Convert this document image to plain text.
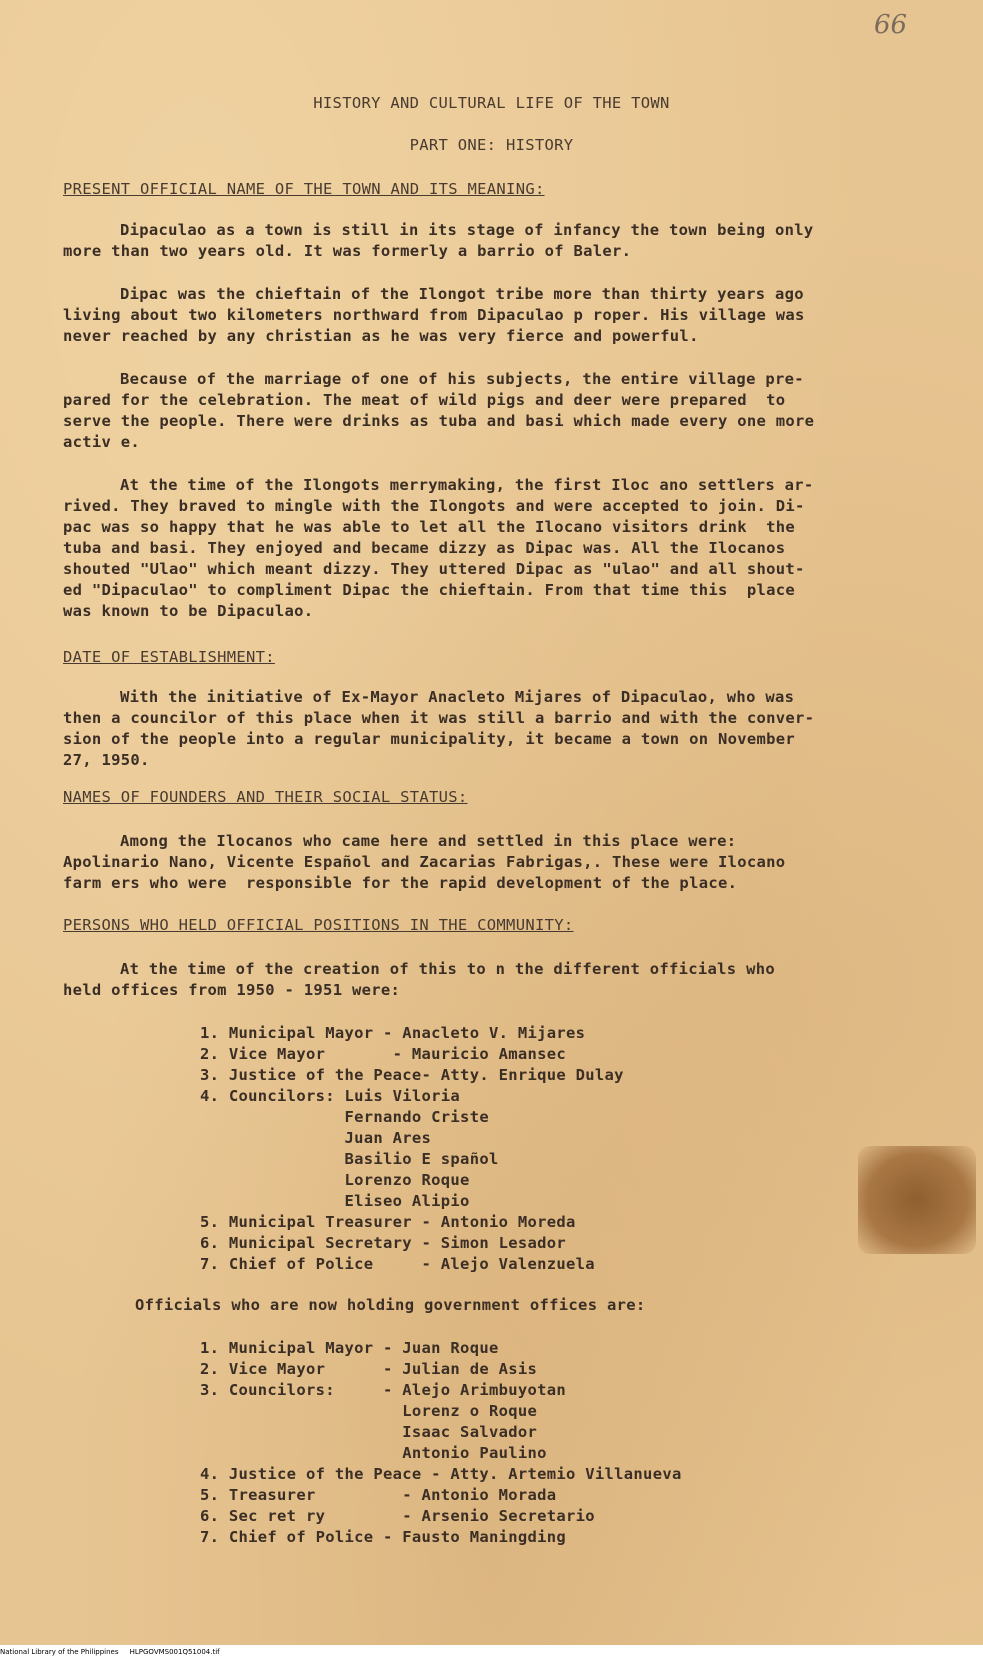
66
HISTORY AND CULTURAL LIFE OF THE TOWN
PART ONE: HISTORY
PRESENT OFFICIAL NAME OF THE TOWN AND ITS MEANING:
Dipaculao as a town is still in its stage of infancy the town being only
more than two years old. It was formerly a barrio of Baler.
Dipac was the chieftain of the Ilongot tribe more than thirty years ago
living about two kilometers northward from Dipaculao p roper. His village was
never reached by any christian as he was very fierce and powerful.
Because of the marriage of one of his subjects, the entire village pre-
pared for the celebration. The meat of wild pigs and deer were prepared  to
serve the people. There were drinks as tuba and basi which made every one more
activ e.
At the time of the Ilongots merrymaking, the first Iloc ano settlers ar-
rived. They braved to mingle with the Ilongots and were accepted to join. Di-
pac was so happy that he was able to let all the Ilocano visitors drink  the
tuba and basi. They enjoyed and became dizzy as Dipac was. All the Ilocanos
shouted "Ulao" which meant dizzy. They uttered Dipac as "ulao" and all shout-
ed "Dipaculao" to compliment Dipac the chieftain. From that time this  place
was known to be Dipaculao.
DATE OF ESTABLISHMENT:
With the initiative of Ex-Mayor Anacleto Mijares of Dipaculao, who was
then a councilor of this place when it was still a barrio and with the conver-
sion of the people into a regular municipality, it became a town on November
27, 1950.
NAMES OF FOUNDERS AND THEIR SOCIAL STATUS:
Among the Ilocanos who came here and settled in this place were:
Apolinario Nano, Vicente Español and Zacarias Fabrigas,. These were Ilocano
farm ers who were  responsible for the rapid development of the place.
PERSONS WHO HELD OFFICIAL POSITIONS IN THE COMMUNITY:
At the time of the creation of this to n the different officials who
held offices from 1950 - 1951 were:
1. Municipal Mayor - Anacleto V. Mijares
2. Vice Mayor       - Mauricio Amansec
3. Justice of the Peace- Atty. Enrique Dulay
4. Councilors: Luis Viloria
Fernando Criste
Juan Ares
Basilio E spañol
Lorenzo Roque
Eliseo Alipio
5. Municipal Treasurer - Antonio Moreda
6. Municipal Secretary - Simon Lesador
7. Chief of Police     - Alejo Valenzuela
Officials who are now holding government offices are:
1. Municipal Mayor - Juan Roque
2. Vice Mayor      - Julian de Asis
3. Councilors:     - Alejo Arimbuyotan
Lorenz o Roque
Isaac Salvador
Antonio Paulino
4. Justice of the Peace - Atty. Artemio Villanueva
5. Treasurer         - Antonio Morada
6. Sec ret ry        - Arsenio Secretario
7. Chief of Police - Fausto Maningding
National Library of the Philippines     HLPGOVMS001Q51004.tif
